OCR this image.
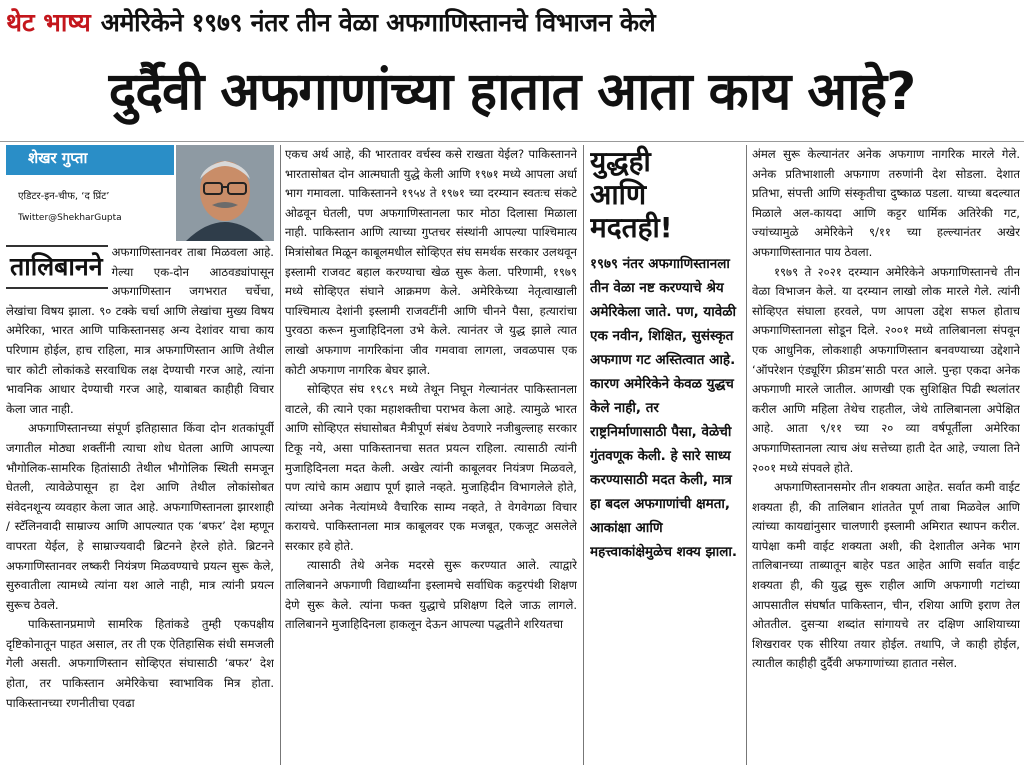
थेट भाष्य अमेरिकेने १९७९ नंतर तीन वेळा अफगाणिस्तानचे विभाजन केले
दुर्दैवी अफगाणांच्या हातात आता काय आहे?
शेखर गुप्ता
एडिटर-इन-चीफ, ‘द प्रिंट’
Twitter@ShekharGupta
तालिबानने अफगाणिस्तानवर ताबा मिळवला आहे. गेल्या एक-दोन आठवड्यांपासून अफगाणिस्तान जगभरात चर्चेचा, लेखांचा विषय झाला. ९० टक्के चर्चा आणि लेखांचा मुख्य विषय अमेरिका, भारत आणि पाकिस्तानसह अन्य देशांवर याचा काय परिणाम होईल, हाच राहिला, मात्र अफगाणिस्तान आणि तेथील चार कोटी लोकांकडे सरवाधिक लक्ष देण्याची गरज आहे, त्यांना भावनिक आधार देण्याची गरज आहे, याबाबत काहीही विचार केला जात नाही.

अफगाणिस्तानच्या संपूर्ण इतिहासात किंवा दोन शतकांपूर्वी जगातील मोठ्या शक्तींनी त्याचा शोध घेतला आणि आपल्या भौगोलिक-सामरिक हितांसाठी तेथील भौगोलिक स्थिती समजून घेतली, त्यावेळेपासून हा देश आणि तेथील लोकांसोबत संवेदनशून्य व्यवहार केला जात आहे. अफगाणिस्तानला झारशाही / स्टॅलिनवादी साम्राज्य आणि आपल्यात एक ‘बफर’ देश म्हणून वापरता येईल, हे साम्राज्यवादी ब्रिटनने हेरले होते. ब्रिटनने अफगाणिस्तानवर लष्करी नियंत्रण मिळवण्याचे प्रयत्न सुरू केले, सुरुवातीला त्यामध्ये त्यांना यश आले नाही, मात्र त्यांनी प्रयत्न सुरूच ठेवले.

पाकिस्तानप्रमाणे सामरिक हितांकडे तुम्ही एकपक्षीय दृष्टिकोनातून पाहत असाल, तर ती एक ऐतिहासिक संधी समजली गेली असती. अफगाणिस्तान सोव्हिएत संघासाठी ‘बफर’ देश होता, तर पाकिस्तान अमेरिकेचा स्वाभाविक मित्र होता. पाकिस्तानच्या रणनीतीचा एवढा

एकच अर्थ आहे, की भारतावर वर्चस्व कसे राखता येईल? पाकिस्तानने भारतासोबत दोन आत्मघाती युद्धे केली आणि १९७१ मध्ये आपला अर्धा भाग गमावला. पाकिस्तानने १९५४ ते १९७१ च्या दरम्यान स्वतःच संकटे ओढवून घेतली, पण अफगाणिस्तानला फार मोठा दिलासा मिळाला नाही. पाकिस्तान आणि त्याच्या गुप्तचर संस्थांनी आपल्या पाश्चिमात्य मित्रांसोबत मिळून काबूलमधील सोव्हिएत संघ समर्थक सरकार उलथवून इस्लामी राजवट बहाल करण्याचा खेळ सुरू केला. परिणामी, १९७९ मध्ये सोव्हिएत संघाने आक्रमण केले. अमेरिकेच्या नेतृत्वाखाली पाश्चिमात्य देशांनी इस्लामी राजवटींनी आणि चीनने पैसा, हत्यारांचा पुरवठा करून मुजाहिदिनला उभे केले. त्यानंतर जे युद्ध झाले त्यात लाखो अफगाण नागरिकांना जीव गमवावा लागला, जवळपास एक कोटी अफगाण नागरिक बेघर झाले.

सोव्हिएत संघ १९८९ मध्ये तेथून निघून गेल्यानंतर पाकिस्तानला वाटले, की त्याने एका महाशक्तीचा पराभव केला आहे. त्यामुळे भारत आणि सोव्हिएत संघासोबत मैत्रीपूर्ण संबंध ठेवणारे नजीबुल्लाह सरकार टिकू नये, असा पाकिस्तानचा सतत प्रयत्न राहिला. त्यासाठी त्यांनी मुजाहिदिनला मदत केली. अखेर त्यांनी काबूलवर नियंत्रण मिळवले, पण त्यांचे काम अद्याप पूर्ण झाले नव्हते. मुजाहिदीन विभागलेले होते, त्यांच्या अनेक नेत्यांमध्ये वैचारिक साम्य नव्हते, ते वेगवेगळा विचार करायचे. पाकिस्तानला मात्र काबूलवर एक मजबूत, एकजूट असलेले सरकार हवे होते.

त्यासाठी तेथे अनेक मदरसे सुरू करण्यात आले. त्याद्वारे तालिबानने अफगाणी विद्यार्थ्यांना इस्लामचे सर्वाधिक कट्टरपंथी शिक्षण देणे सुरू केले. त्यांना फक्त युद्धाचे प्रशिक्षण दिले जाऊ लागले. तालिबानने मुजाहिदिनला हाकलून देऊन आपल्या पद्धतीने शरियतचा

युद्धही
आणि
मदतही!
१९७९ नंतर अफगाणिस्तानला तीन वेळा नष्ट करण्याचे श्रेय अमेरिकेला जाते. पण, यावेळी एक नवीन, शिक्षित, सुसंस्कृत अफगाण गट अस्तित्वात आहे. कारण अमेरिकेने केवळ युद्धच केले नाही, तर राष्ट्रनिर्माणासाठी पैसा, वेळेची गुंतवणूक केली. हे सारे साध्य करण्यासाठी मदत केली, मात्र हा बदल अफगाणांची क्षमता, आकांक्षा आणि महत्त्वाकांक्षेमुळेच शक्य झाला.

अंमल सुरू केल्यानंतर अनेक अफगाण नागरिक मारले गेले. अनेक प्रतिभाशाली अफगाण तरुणांनी देश सोडला. देशात प्रतिभा, संपत्ती आणि संस्कृतीचा दुष्काळ पडला. याच्या बदल्यात मिळाले अल-कायदा आणि कट्टर धार्मिक अतिरेकी गट, ज्यांच्यामुळे अमेरिकेने ९/११ च्या हल्ल्यानंतर अखेर अफगाणिस्तानात पाय ठेवला.

१९७९ ते २०२१ दरम्यान अमेरिकेने अफगाणिस्तानचे तीन वेळा विभाजन केले. या दरम्यान लाखो लोक मारले गेले. त्यांनी सोव्हिएत संघाला हरवले, पण आपला उद्देश सफल होताच अफगाणिस्तानला सोडून दिले. २००१ मध्ये तालिबानला संपवून एक आधुनिक, लोकशाही अफगाणिस्तान बनवण्याच्या उद्देशाने ‘ऑपरेशन एंड्यूरिंग फ्रीडम’साठी परत आले. पुन्हा एकदा अनेक अफगाणी मारले जातील. आणखी एक सुशिक्षित पिढी स्थलांतर करील आणि महिला तेथेच राहतील, जेथे तालिबानला अपेक्षित आहे. आता ९/११ च्या २० व्या वर्षपूर्तीला अमेरिका अफगाणिस्तानला त्याच अंध सत्तेच्या हाती देत आहे, ज्याला तिने २००१ मध्ये संपवले होते.

अफगाणिस्तानसमोर तीन शक्यता आहेत. सर्वात कमी वाईट शक्यता ही, की तालिबान शांततेत पूर्ण ताबा मिळवेल आणि त्यांच्या कायद्यांनुसार चालणारी इस्लामी अमिरात स्थापन करील. यापेक्षा कमी वाईट शक्यता अशी, की देशातील अनेक भाग तालिबानच्या ताब्यातून बाहेर पडत आहेत आणि सर्वात वाईट शक्यता ही, की युद्ध सुरू राहील आणि अफगाणी गटांच्या आपसातील संघर्षात पाकिस्तान, चीन, रशिया आणि इराण तेल ओततील. दुसऱ्या शब्दांत सांगायचे तर दक्षिण आशियाच्या शिखरावर एक सीरिया तयार होईल. तथापि, जे काही होईल, त्यातील काहीही दुर्दैवी अफगाणांच्या हातात नसेल.
